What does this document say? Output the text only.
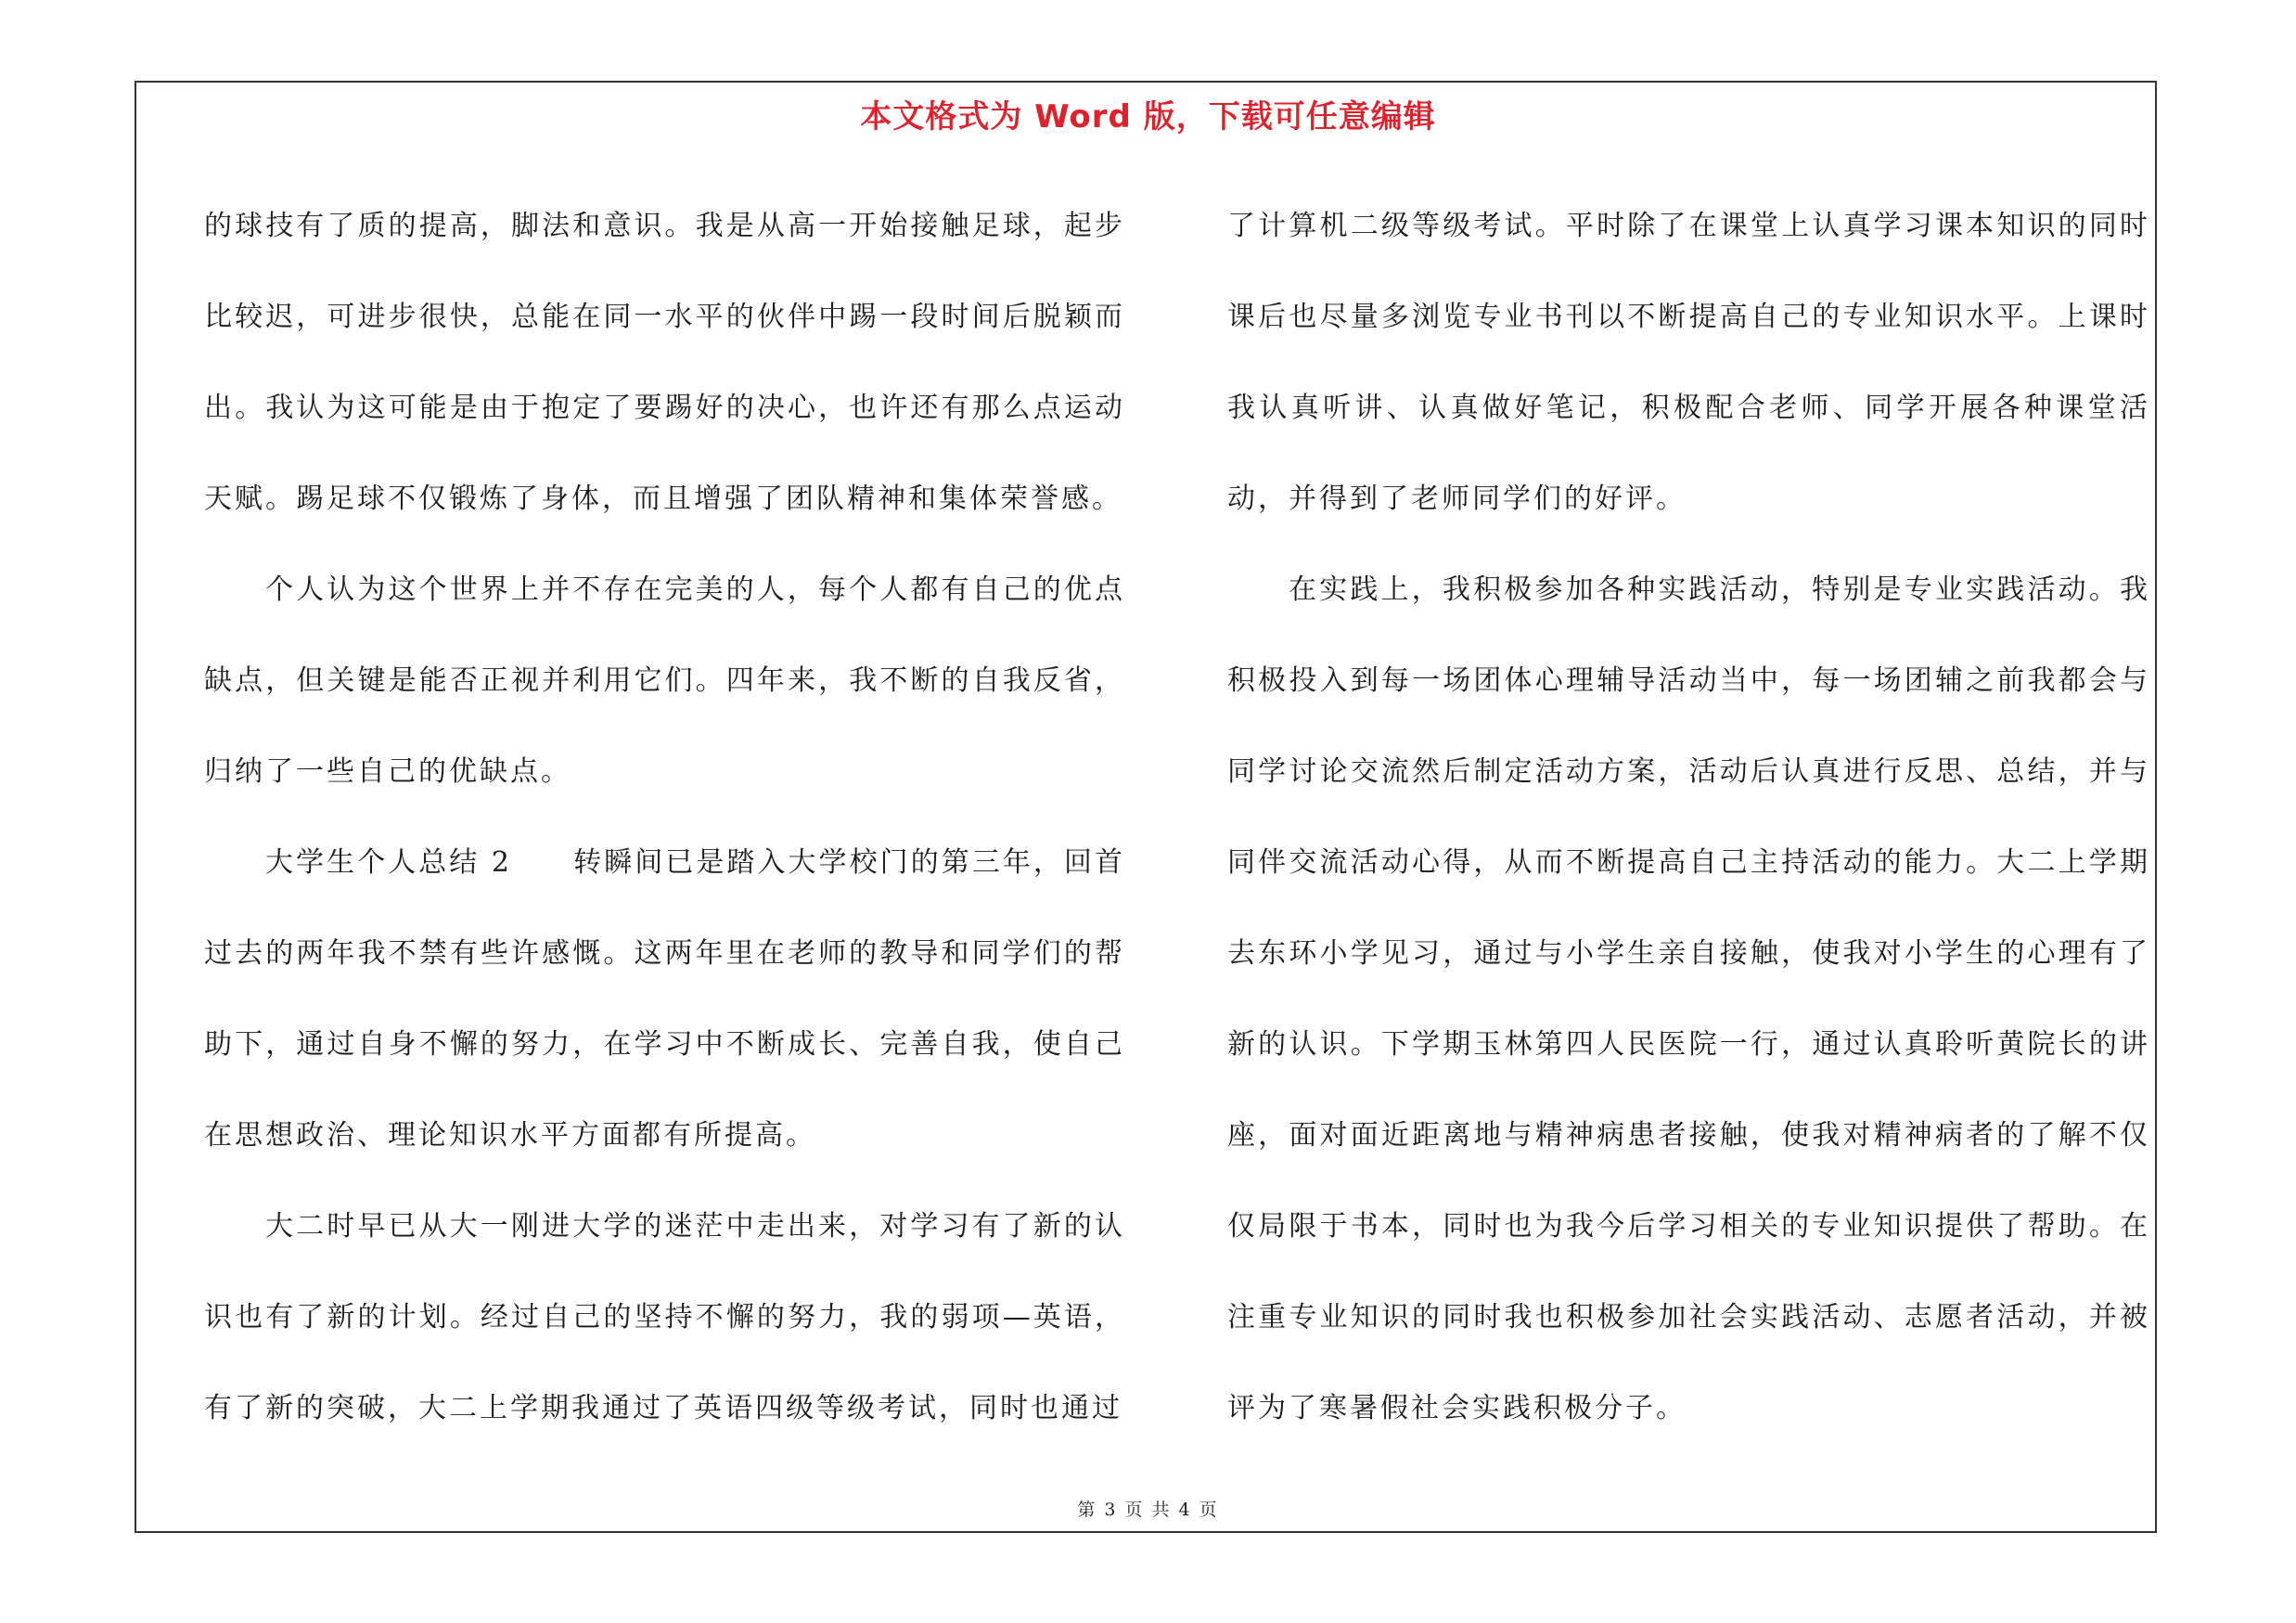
本文格式为 Word 版，下载可任意编辑

的球技有了质的提高，脚法和意识。我是从高一开始接触足球，起步比较迟，可进步很快，总能在同一水平的伙伴中踢一段时间后脱颖而出。我认为这可能是由于抱定了要踢好的决心，也许还有那么点运动天赋。踢足球不仅锻炼了身体，而且增强了团队精神和集体荣誉感。

个人认为这个世界上并不存在完美的人，每个人都有自己的优点缺点，但关键是能否正视并利用它们。四年来，我不断的自我反省，归纳了一些自己的优缺点。

大学生个人总结 2　　转瞬间已是踏入大学校门的第三年，回首过去的两年我不禁有些许感慨。这两年里在老师的教导和同学们的帮助下，通过自身不懈的努力，在学习中不断成长、完善自我，使自己在思想政治、理论知识水平方面都有所提高。

大二时早已从大一刚进大学的迷茫中走出来，对学习有了新的认识也有了新的计划。经过自己的坚持不懈的努力，我的弱项—英语，有了新的突破，大二上学期我通过了英语四级等级考试，同时也通过

了计算机二级等级考试。平时除了在课堂上认真学习课本知识的同时课后也尽量多浏览专业书刊以不断提高自己的专业知识水平。上课时我认真听讲、认真做好笔记，积极配合老师、同学开展各种课堂活动，并得到了老师同学们的好评。

在实践上，我积极参加各种实践活动，特别是专业实践活动。我积极投入到每一场团体心理辅导活动当中，每一场团辅之前我都会与同学讨论交流然后制定活动方案，活动后认真进行反思、总结，并与同伴交流活动心得，从而不断提高自己主持活动的能力。大二上学期去东环小学见习，通过与小学生亲自接触，使我对小学生的心理有了新的认识。下学期玉林第四人民医院一行，通过认真聆听黄院长的讲座，面对面近距离地与精神病患者接触，使我对精神病者的了解不仅仅局限于书本，同时也为我今后学习相关的专业知识提供了帮助。在注重专业知识的同时我也积极参加社会实践活动、志愿者活动，并被评为了寒暑假社会实践积极分子。

第 3 页 共 4 页
